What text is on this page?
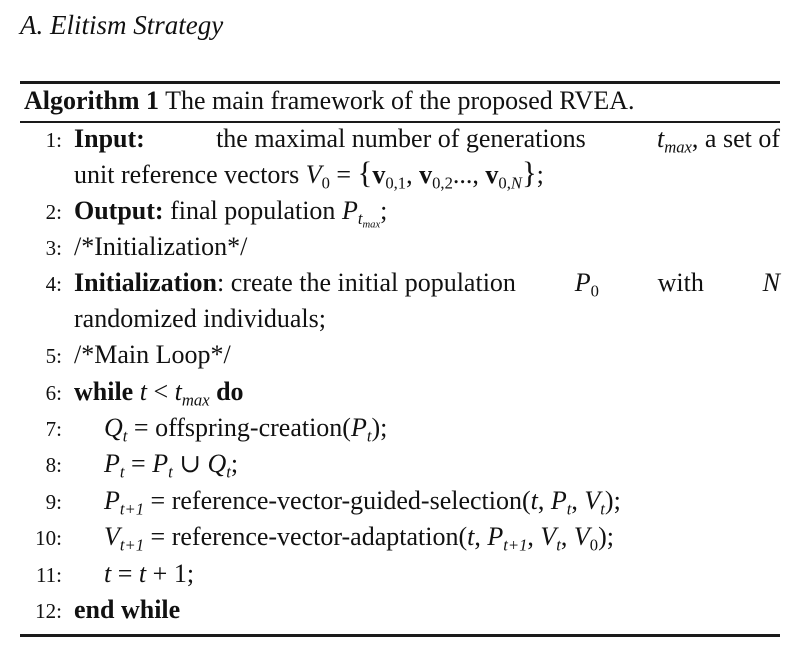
A. Elitism Strategy
Algorithm 1 The main framework of the proposed RVEA.
1: Input:	the maximal number of generations	$t_{max}$, a set of
unit reference vectors $V_0 = \{v_{0,1}$, $v_{0,2}$..., $v_{0,N}$};
2: Output: final population $P_{t_{max}}$;
3: /*Initialization*/
4: Initialization: create the initial population $P_0$ with N
randomized individuals;
5: /*Main Loop*/
6: while $t < t_{max}$ do
7: $Q_t$ = offspring-$creation(P_t)$;
8: $P_t = P_t$ ∪ $Q_t$;
9: $P_{t+1}$ = reference-vector-guided-selection(t, $P_t$, $V_t$);
10: $V_{t+1}$ = reference-vector-adaptation(t, $P_{t+1}$, $V_t$, $V_0$);
11: t = t + 1;
12: end while
